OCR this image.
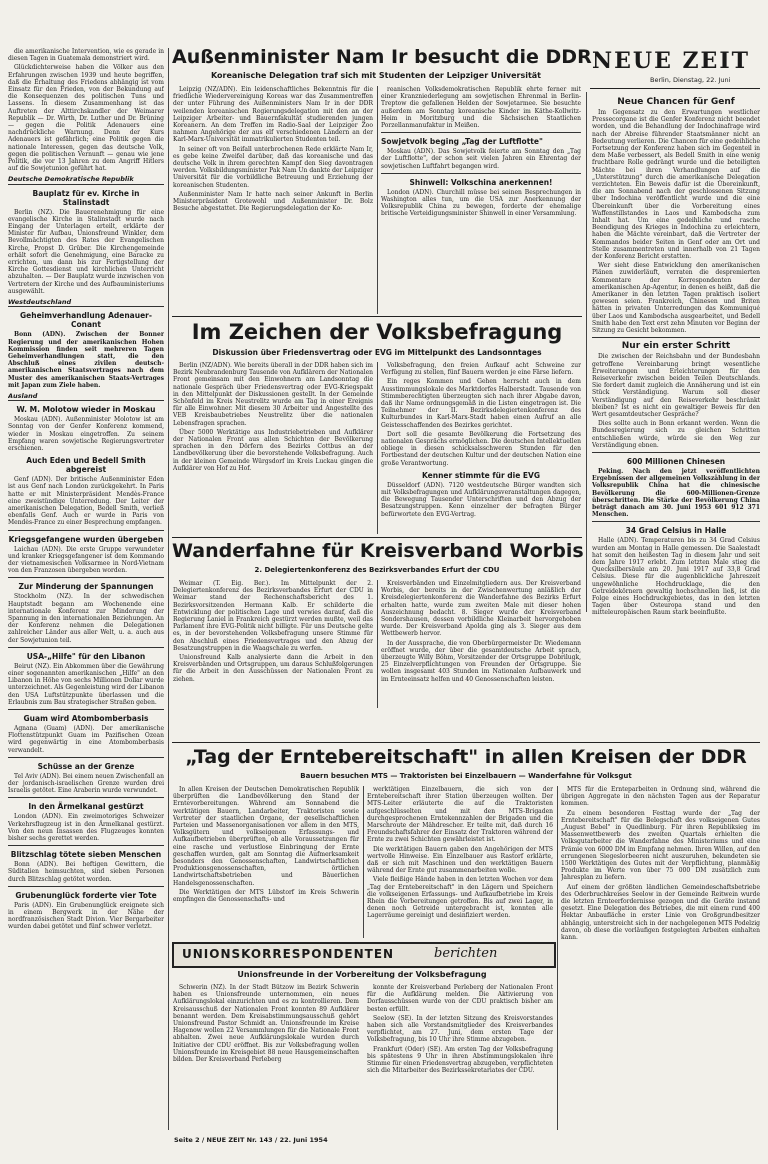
die amerikanische Intervention, wie es gerade in diesen Tagen in Guatemala demonstriert wird.

Glückdichterweise haben die Völker aus den Erfahrungen zwischen 1939 und heute begriffen, daß die Erhaltung des Friedens abhängig ist vom Einsatz für den Frieden, von der Bekundung auf die Konsequenzen des politischen Tuns und Lassens. In diesem Zusammenhang ist das Auftreten der Alttirchskandler der Weimarer Republik — Dr. Wirth, Dr. Luther und Dr. Brüning — gegen die Politik Adenauers eine nachdrückliche Warnung. Denn der Kurs Adenauers ist gefährlich; eine Politik gegen die nationale Interessen, gegen das deutsche Volk, gegen die politischen Vernunft — genau wie jene Politik, die vor 13 Jahren zu dem Angriff Hitlers auf die Sowjetunion geführt hat.

Deutsche Demokratische Republik
Bauplatz für ev. Kirche in Stalinstadt

Berlin (NZ). Die Bauerenehmigung für eine evangelische Kirche in Stalinstadt wurde nach Eingang der Unterlagen erteilt, erklärte der Minister für Aufbau, Unionsfreund Winkler, dem Bevollmächtigten des Rates der Evangelischen Kirche, Propst D. Grüber. Die Kirchengemeinde erhält sofort die Genehmigung, eine Baracke zu errichten, um dann bis zur Fertigstellung der Kirche Gottesdienst und kirchlichen Unterricht abzuhalten. — Der Bauplatz wurde inzwischen von Vertretern der Kirche und des Aufbauministeriums ausgewählt.

Westdeutschland
Geheimverhandlung Adenauer-Conant

Bonn (ADN). Zwischen der Bonner Regierung und der amerikanischen Hohen Kommission finden seit mehreren Tagen Geheimverhandlungen statt, die den Abschluß eines zivilen deutsch-amerikanischen Staatsvertrages nach dem Muster des amerikanischen Staats-Vertrages mit Japan zum Ziele haben.

Ausland
W. M. Molotow wieder in Moskau

Moskau (ADN). Außenminister Molotow ist am Sonntag von der Genfer Konferenz kommend, wieder in Moskau eingetroffen. Zu seinem Empfang waren sowjetische Regierungsvertreter erschienen.

Auch Eden und Bedell Smith abgereist

Genf (ADN). Der britische Außenminister Eden ist aus Genf nach London zurückgekehrt. In Paris hatte er mit Ministerpräsident Mendès-France eine zweistündige Unterredung. Der Leiter der amerikanischen Delegation, Bedell Smith, verließ ebenfalls Genf. Auch er wurde in Paris von Mendès-France zu einer Besprechung empfangen.

Kriegsgefangene wurden übergeben

Laichau (ADN). Die erste Gruppe verwundeter und kranker Kriegsgefangener ist dem Kommando der vietnamesischen Volksarmee in Nord-Vietnam von den Franzosen übergeben worden.

Zur Minderung der Spannungen

Stockholm (NZ). In der schwedischen Hauptstadt begann am Wochenende eine internationale Konferenz zur Minderung der Spannung in den internationalen Beziehungen. An der Konferenz nehmen die Delegationen zahlreicher Länder aus aller Welt, u. a. auch aus der Sowjetunion teil.

USA-„Hilfe" für den Libanon

Beirut (NZ). Ein Abkommen über die Gewährung einer sogenannten amerikanischen „Hilfe" an den Libanon in Höhe von sechs Millionen Dollar wurde unterzeichnet. Als Gegenleistung wird der Libanon den USA Luftstützpunkte überlassen und die Erlaubnis zum Bau strategischer Straßen geben.

Guam wird Atombomberbasis

Agnana (Guam) (ADN). Der amerikanische Flottenstützpunkt Guam im Pazifischen Ozean wird gegenwärtig in eine Atombomberbasis verwandelt.

Schüsse an der Grenze

Tel Aviv (ADN). Bei einem neuen Zwischenfall an der jordanisch-israelischen Grenze wurden drei Israelis getötet. Eine Araberin wurde verwundet.

In den Ärmelkanal gestürzt

London (ADN). Ein zweimotoriges Schweizer Verkehrsflugzeug ist in den Ärmelkanal gestürzt. Von den neun Insassen des Flugzeuges konnten bisher sechs gerettet werden.

Blitzschlag tötete sieben Menschen

Bonn (ADN). Bei heftigen Gewittern, die Süditalien heimsuchten, sind sieben Personen durch Blitzschlag getötet worden.

Grubenunglück forderte vier Tote

Paris (ADN). Ein Grubenunglück ereignete sich in einem Bergwerk in der Nähe der nordfranzösischen Stadt Divion. Vier Bergarbeiter wurden dabei getötet und fünf schwer verletzt.

NEUE ZEIT
Berlin, Dienstag, 22. Juni
Außenminister Nam Ir besucht die DDR
Koreanische Delegation traf sich mit Studenten der Leipziger Universität

Leipzig (NZ/ADN). Ein leidenschaftliches Bekenntnis für die friedliche Wiedervereinigung Koreas war das Zusammentreffen der unter Führung des Außenministers Nam Ir in der DDR weilenden koreanischen Regierungsdelegation mit den an der Leipziger Arbeiter- und Bauernfakultät studierenden jungen Koreanern. An dem Treffen im Radio-Saal der Leipziger Zoo nahmen Angehörige der aus elf verschiedenen Ländern an der Karl-Marx-Universität immatrikulierten Studenten teil.

In seiner oft von Beifall unterbrochenen Rede erklärte Nam Ir, es gebe keine Zweifel darüber, daß das koreanische und das deutsche Volk in ihrem gerechten Kampf den Sieg davontragen werden. Volksbildungsminister Pak Nam Un dankte der Leipziger Universität für die vorbildliche Betreuung und Erziehung der koreanischen Studenten.

Außenminister Nam Ir hatte nach seiner Ankunft in Berlin Ministerpräsident Grotewohl und Außenminister Dr. Bolz Besuche abgestattet. Die Regierungsdelegation der Ko-

reanischen Volksdemokratischen Republik ehrte ferner mit einer Kranzniederlegung am sowjetischen Ehrenmal in Berlin-Treptow die gefallenen Helden der Sowjetarmee. Sie besuchte außerdem am Sonntag koreanische Kinder im Käthe-Kollwitz-Heim in Moritzburg und die Sächsischen Staatlichen Porzellanmanufaktur in Meißen.

Sowjetvolk beging „Tag der Luftflotte"

Moskau (ADN). Das Sowjetvolk feierte am Sonntag den „Tag der Luftflotte", der schon seit vielen Jahren ein Ehrentag der sowjetischen Luftfahrt begangen wird.

Shinwell: Volkschina anerkennen!

London (ADN). Churchill müsse bei seinen Besprechungen in Washington alles tun, um die USA zur Anerkennung der Volksrepublik China zu bewegen, forderte der ehemalige britische Verteidigungsminister Shinwell in einer Versammlung.

Neue Chancen für Genf

Im Gegensatz zu den Erwartungen westlicher Pressecorgane ist die Genfer Konferenz nicht beendet worden, und die Behandlung der Indochinafrage wird nach der Abreise führender Staatsmänner nicht an Bedeutung verlieren. Die Chancen für eine gedeihliche Fortsetzung der Konferenz haben sich im Gegenteil in dem Maße verbessert, als Bedell Smith in eine wenig fruchtbare Rolle gedrängt wurde und die beteiligten Mächte bei ihren Verhandlungen auf die „Unterstützung" durch die amerikanische Delegation verzichteten. Ein Beweis dafür ist die Übereinkunft, die am Sonnabend nach der geschlossenen Sitzung über Indochina veröffentlicht wurde und die eine Übereinkunft über die Vorbereitung eines Waffenstillstandes in Laos und Kambodscha zum Inhalt hat. Um eine gedeihliche und rasche Beendigung des Krieges in Indochina zu erleichtern, haben die Mächte vereinbart, daß die Vertreter der Kommandos beider Seiten in Genf oder am Ort und Stelle zusammentreten und innerhalb von 21 Tagen der Konferenz Bericht erstatten.

Wer sieht diese Entwicklung den amerikanischen Plänen zuwiderläuft, verraten die despremierten Kommentare der Korrespondenten der amerikanischen Ap-Agentur, in denen es heißt, daß die Amerikaner in den letzten Tagen praktisch isoliert gewesen seien. Frankreich, Chinesen und Briten hätten in privaten Unterredungen das Kommuniqué über Laos und Kambodscha ausgearbeitet, und Bedell Smith habe den Text erst zehn Minuten vor Beginn der Sitzung zu Gesicht bekommen.

Nur ein erster Schritt

Die zwischen der Reichsbahn und der Bundesbahn getroffene Vereinbarung bringt wesentliche Erweiterungen und Erleichterungen für den Reiseverkehr zwischen beiden Teilen Deutschlands. Sie fordert damit zugleich die Annäherung und ist ein Stück Verständigung. Warum soll dieser Verständigung auf den Reiseverkehr beschränkt bleiben? Ist es nicht ein gewaltiger Beweis für den Wert gesamtdeutscher Gespräche?

Dies sollte auch in Bonn erkannt werden. Wenn die Bundesregierung sich zu gleichen Schritten entschließen würde, würde sie den Weg zur Verständigung ebnen.

600 Millionen Chinesen

Peking. Nach den jetzt veröffentlichten Ergebnissen der allgemeinen Volkszählung in der Volksrepublik China hat die chinesische Bevölkerung die 600-Millionen-Grenze überschritten. Die Stärke der Bevölkerung China beträgt danach am 30. Juni 1953 601 912 371 Menschen.

34 Grad Celsius in Halle

Halle (ADN). Temperaturen bis zu 34 Grad Celsius wurden am Montag in Halle gemessen. Die Saalestadt hat somit den heißesten Tag in diesem Jahr und seit dem Jahre 1917 erlebt. Zum letzten Male stieg die Quecksilbersäule am 20. Juni 1917 auf 33,8 Grad Celsius. Diese für die augenblickliche Jahreszeit ungewöhnliche Hochdrucklage, die den Getreidekörnern gewaltig hochschnellen ließ, ist die Folge eines Hochdruckgebietes, das in den letzten Tagen über Osteuropa stand und den mitteleuropäischen Raum stark beeinflußte.

Im Zeichen der Volksbefragung
Diskussion über Friedensvertrag oder EVG im Mittelpunkt des Landsonntages

Berlin (NZ/ADN). Wie bereits überall in der DDR haben sich im Bezirk Neubrandenburg Tausende von Aufklärern der Nationalen Front gemeinsam mit den Einwohnern am Landsonntag die nationale Gespräch über Friedensvertrag oder EVG-Kriegspakt in den Mittelpunkt der Diskussionen gestellt. In der Gemeinde Schönfeld im Kreis Neustrelitz wurde am Tag in einer Ereignis für alle Einwohner. Mit diesem 30 Arbeiter und Angestellte des VEB Kreisbaubetriebes Neustrelitz über die nationalen Lebensfragen sprachen.

Über 5000 Werktätige aus Industriebetrieben und Aufklärer der Nationalen Front aus allen Schichten der Bevölkerung sprachen in den Dörfern des Bezirks Cottbus an der Landbevölkerung über die bevorstehende Volksbefragung. Auch in der kleinen Gemeinde Würgsdorf im Kreis Luckau gingen die Aufklärer von Hof zu Hof.

Volksbefragung, den freien Aufkauf acht Schweine zur Verfügung zu stellen, fünf Bauern werden je eine Färse liefern.

Ein reges Kommen und Gehen herrscht auch in dem Ausstimmungslokale des Marktdorfes Halberstadt. Tausende von Stimmberechtigten überzeugten sich nach ihrer Abgabe davon, daß ihr Name ordnungsgemäß in die Listen eingetragen ist. Die Teilnehmer der II. Bezirksdelegiertenkonferenz des Kulturbundes in Karl-Marx-Stadt haben einen Aufruf an alle Geistesschaffenden des Bezirkes gerichtet.

Dort soll die gesamte Bevölkerung die Fortsetzung des nationalen Gesprächs ermöglichen. Die deutschen Intellektuellen obliege in diesen schicksalsschweren Stunden für den Fortbestand der deutschen Kultur und der deutschen Nation eine große Verantwortung.

Kenner stimmte für die EVG

Düsseldorf (ADN). 7120 westdeutsche Bürger wandten sich mit Volksbefragungen und Aufklärungsveranstaltungen dagegen, die Bewegung Tausender Unterschriften und den Abzug der Besatzungstruppen. Kenn einzelner der befragten Bürger befürwortete den EVG-Vertrag.

Wanderfahne für Kreisverband Worbis
2. Delegiertenkonferenz des Bezirksverbandes Erfurt der CDU

Weimar (T. Eig. Ber.). Im Mittelpunkt der 2. Delegiertenkonferenz des Bezirksverbandes Erfurt der CDU in Weimar stand der Rechenschaftsbericht des 1. Bezirksvorsitzenden Hermann Kalb. Er schilderte die Entwicklung der politischen Lage und verwies darauf, daß die Regierung Laniel in Frankreich gestürzt werden mußte, weil das Parlament ihre EVG-Politik nicht billigte. Für uns Deutsche gelte es, in der bevorstehenden Volksbefragung unsere Stimme für den Abschluß eines Friedensvertrages und den Abzug der Besatzungstruppen in die Waagschale zu werfen.

Unionsfreund Kalb analysierte dann die Arbeit in den Kreisverbänden und Ortsgruppen, um daraus Schlußfolgerungen für die Arbeit in den Ausschüssen der Nationalen Front zu ziehen.

Kreisverbänden und Einzelmitgliedern aus. Der Kreisverband Worbis, der bereits in der Zwischenwertung anläßlich der Kreisdelegiertenkonferenz die Wanderfahne des Bezirks Erfurt erhalten hatte, wurde zum zweiten Male mit dieser hohen Auszeichnung bedacht. 8. Sieger wurde der Kreisverband Sondershausen, dessen vorbildliche Kleinarbeit hervorgehoben wurde. Der Kreisverband Apolda ging als 3. Sieger aus dem Wettbewerb hervor.

In der Aussprache, die von Oberbürgermeister Dr. Wiedemann eröffnet wurde, der über die gesamtdeutsche Arbeit sprach, überzeugte Willy Böhm, Vorsitzender der Ortsgruppe Dobrilugk, 25 Einzelverpflichtungen von Freunden der Ortsgruppe. Sie wollen insgesamt 403 Stunden im Nationalen Aufbauwerk und im Ernteeinsatz helfen und 40 Genossenschaften leisten.

„Tag der Erntebereitschaft" in allen Kreisen der DDR
Bauern besuchen MTS — Traktoristen bei Einzelbauern — Wanderfahne für Volksgut

In allen Kreisen der Deutschen Demokratischen Republik überprüften die Landbevölkerung den Stand der Erntevorbereitungen. Während am Sonnabend die werktätigen Bauern, Landarbeiter, Traktoristen sowie Vertreter der staatlichen Organe, der gesellschaftlichen Parteien und Massenorganisationen vor allem in den MTS, Volksgütern und volkseigenen Erfassungs- und Aufkaufbetrieben überprüften, ob alle Voraussetzungen für eine rasche und verlustlose Einbringung der Ernte geschaffen wurden, galt am Sonntag die Aufmerksamkeit besonders den Genossenschaften, Landwirtschaftlichen Produktionsgenossenschaften, örtlichen Landwirtschaftsbetrieben und Bäuerlichen Handelsgenossenschaften.

Die Werktätigen der MTS Lübstorf im Kreis Schwerin empfingen die Genossenschafts- und

werktätigen Einzelbauern, die sich von der Erntebereitschaft ihrer Station überzeugen wollten. Der MTS-Leiter erläuterte die auf die Traktoristen aufgeschlüsselten und mit den MTS-Brigaden durchgesprochenen Erntekennzahlen der Brigaden und die Marschroute der Mähdrescher. Er teilte mit, daß durch 16 Freundschaftsfahrer der Einsatz der Traktoren während der Ernte zu zwei Schichten gewährleistet ist.

Die werktätigen Bauern gaben den Angehörigen der MTS wertvolle Hinweise. Ein Einzelbauer aus Rastorf erklärte, daß er sich mit Maschinen und den werktätigen Bauern während der Ernte gut zusammenarbeiten wolle.

Viele fleißige Hände haben in den letzten Wochen vor dem „Tag der Erntebereitschaft" in den Lägern und Speichern die volkseigenen Erfassungs- und Aufkaufbetriebe im Kreis Rhein die Vorbereitungen getroffen. Bis auf zwei Lager, in denen noch Getreide untergebracht ist, konnten alle Lagerräume gereinigt und desinfiziert werden.

MTS für die Ernteparbeiten in Ordnung sind, während die übrigen Aggregate in den nächsten Tagen aus der Reparatur kommen.

Zu einem besonderen Festtag wurde der „Tag der Erntebereitschaft" für die Belegschaft des volkseigenen Gutes „August Bebel" in Quedlinburg. Für ihren Republiksieg im Massenwettbewerb des zweiten Quartals erhielten die Volksgutarbeiter die Wanderfahne des Ministeriums und eine Prämie von 6000 DM im Empfang nehmen. Ihren Willen, auf den errungenen Siegeslorbeeren nicht auszuruhen, bekundeten sie 1500 Werktätigen des Gutes mit der Verpflichtung, planmäßig Produkte im Werte von über 75 000 DM zusätzlich zum Jahresplan zu liefern.

Auf einem der größten ländlichen Gemeindeschaftsbetriebe des Oderbruchkreises Seelow in der Gemeinde Reitwein wurde die letzten Ernteerfordernisse gezogen und die Geräte instand gesetzt. Eine Delegation des Betriebes, die mit einem rund 400 Hektar Anbaufläche in erster Linie von Großgrundbesitzer abhängig, unterstreicht sich in der nachgelegenen MTS Podelzig davon, ob diese die vorläufigen festgelegten Arbeiten einhalten kann.

UNIONSKORRESPONDENTEN	berichten
Unionsfreunde in der Vorbereitung der Volksbefragung

Schwerin (NZ). In der Stadt Bützow im Bezirk Schwerin haben es Unionsfreunde unternommen, ein neues Aufklärungslokal einzurichten und es zu kontrollieren. Dem Kreisausschuß der Nationalen Front konnten 89 Aufklärer benannt werden. Dem Kreisabstimmungsausschuß gehört Unionsfreund Pastor Schmidt an. Unionsfreunde im Kreise Hagenow wollen 22 Versammlungen für die Nationale Front abhalten. Zwei neue Aufklärungslokale wurden durch Initiative der CDU eröffnet. Bis zur Volksbefragung wollen Unionsfreunde im Kreisgebiet 88 neue Hausgemeinschaften bilden. Der Kreisverband Perleberg

konnte der Kreisverband Perleberg der Nationalen Front für die Aufklärung melden. Die Aktivierung von Dorfausschüssen wurde von der CDU praktisch bisher am besten erfüllt.

Seelow (SE). In der letzten Sitzung des Kreisvorstandes haben sich alle Vorstandsmitglieder des Kreisverbandes verpflichtet, am 27. Juni, dem ersten Tage der Volksbefragung, bis 10 Uhr ihre Stimme abzugeben.

Frankfurt (Oder) (SE). Am ersten Tag der Volksbefragung bis spätestens 9 Uhr in ihren Abstimmungslokalen ihre Stimme für einen Friedensvertrag abzugeben, verpflichteten sich die Mitarbeiter des Bezirkssekretariates der CDU.

Seite 2 / NEUE ZEIT Nr. 143 / 22. Juni 1954
